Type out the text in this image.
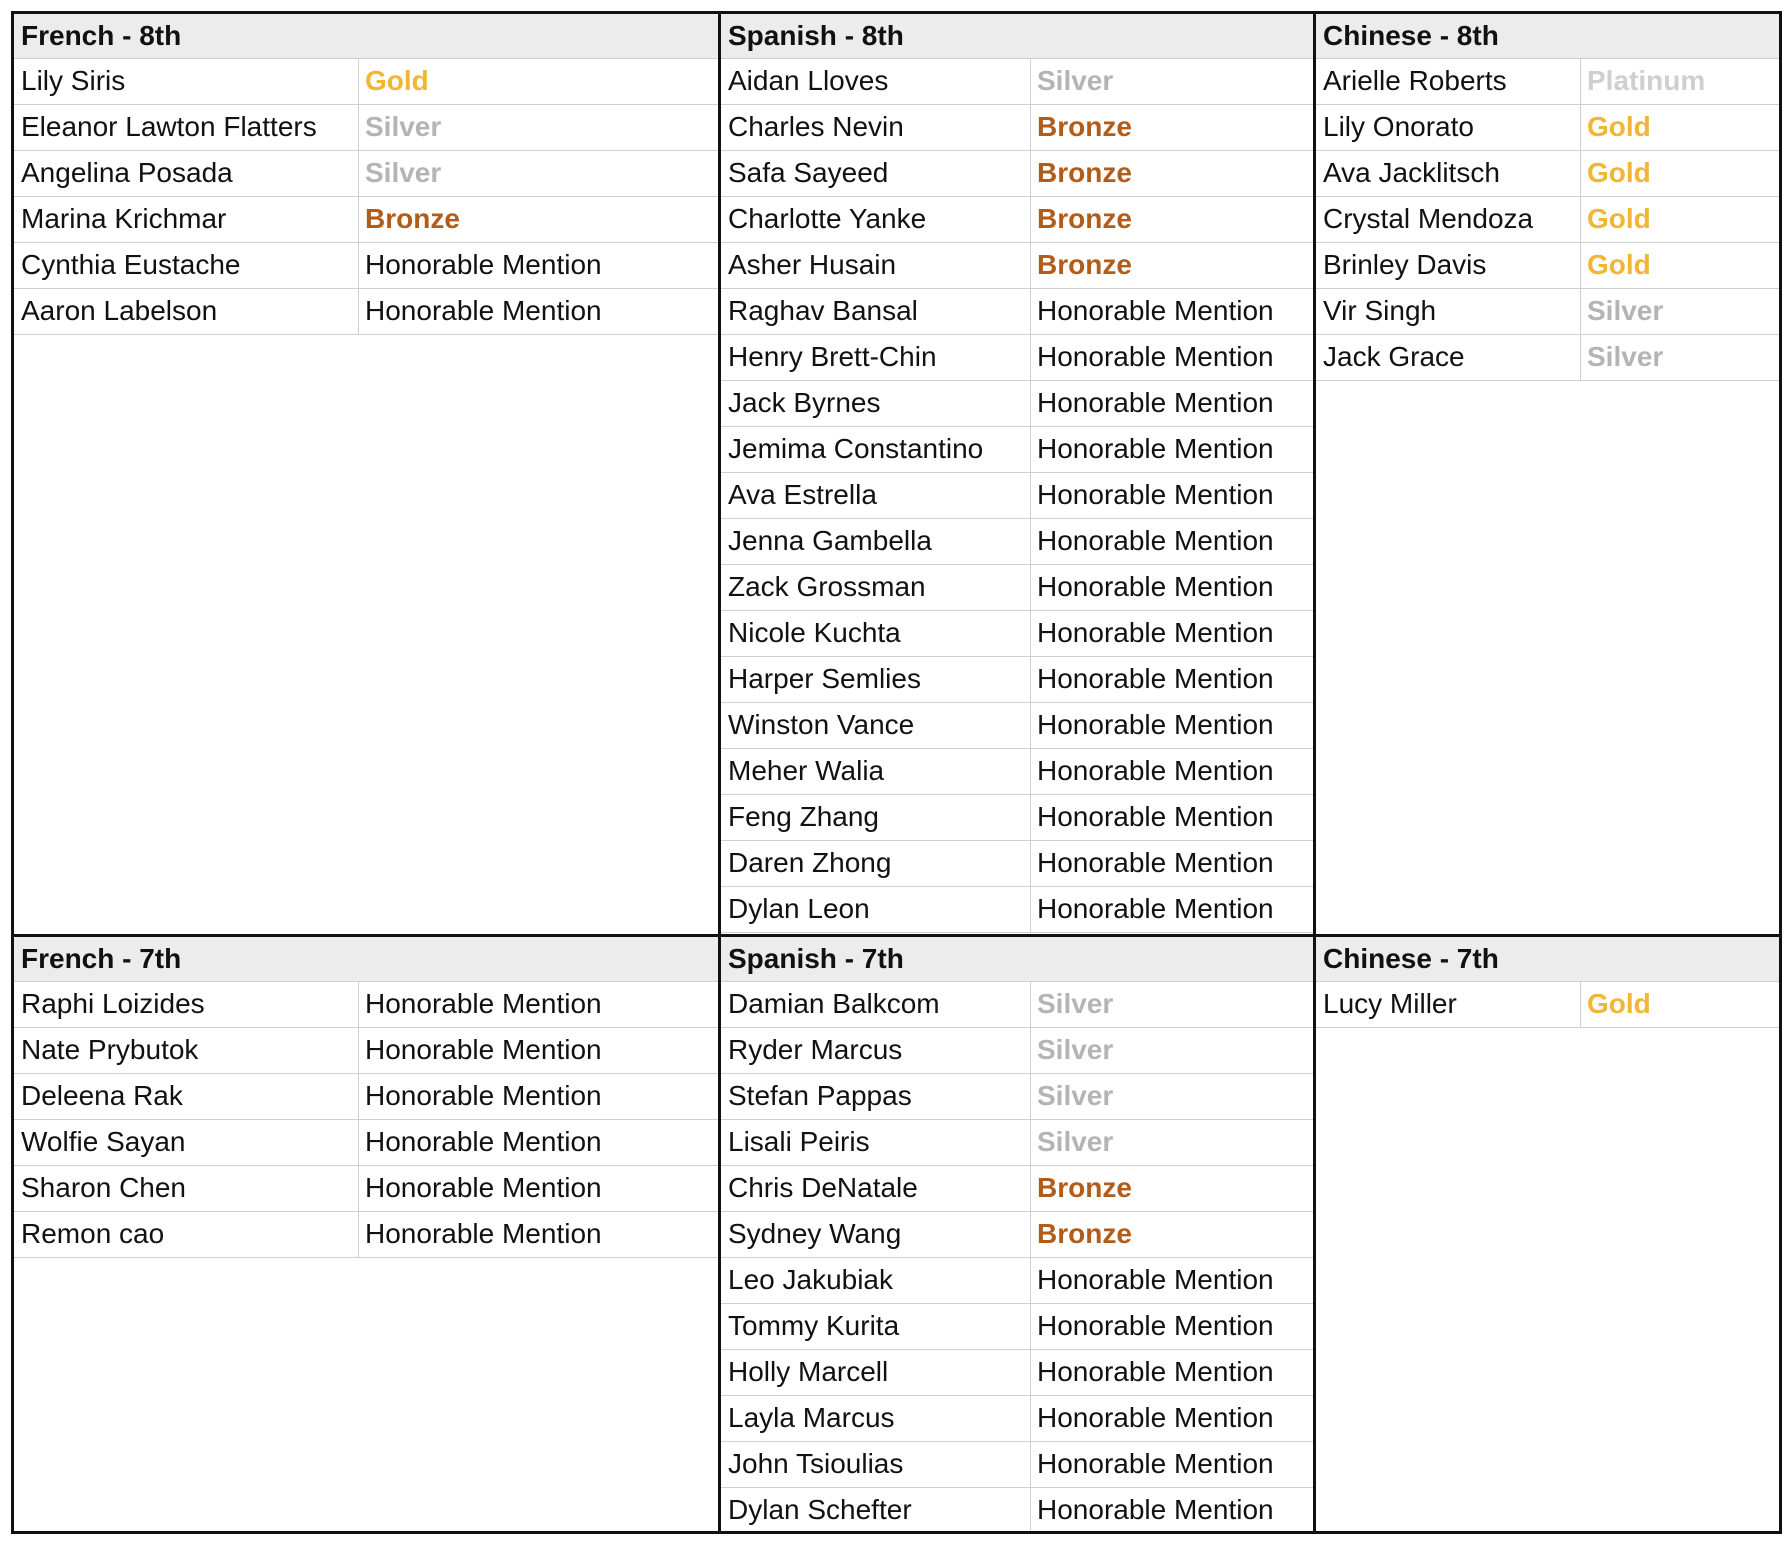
French - 8th
Lily Siris	Gold
Eleanor Lawton Flatters Silver
Angelina Posada	Silver
Marina Krichmar	Bronze
Cynthia Eustache	Honorable Mention
Aaron Labelson	Honorable Mention
Spanish - 8th
Aidan Lloves	Silver
Charles Nevin	Bronze
Safa Sayeed	Bronze
Charlotte Yanke	Bronze
Asher Husain	Bronze
Raghav Bansal	Honorable Mention
Henry Brett-Chin	Honorable Mention
Jack Byrnes	Honorable Mention
Jemima Constantino Honorable Mention
Ava Estrella	Honorable Mention
Jenna Gambella	Honorable Mention
Zack Grossman	Honorable Mention
Nicole Kuchta	Honorable Mention
Harper Semlies	Honorable Mention
Winston Vance	Honorable Mention
Meher Walia	Honorable Mention
Feng Zhang	Honorable Mention
Daren Zhong	Honorable Mention
Dylan Leon	Honorable Mention
Chinese - 8th
Arielle Roberts	Platinum
Lily Onorato	Gold
Ava Jacklitsch	Gold
Crystal Mendoza Gold
Brinley Davis	Gold
Vir Singh	Silver
Jack Grace	Silver
French - 7th
Raphi Loizides	Honorable Mention
Nate Prybutok	Honorable Mention
Deleena Rak	Honorable Mention
Wolfie Sayan	Honorable Mention
Sharon Chen	Honorable Mention
Remon cao	Honorable Mention
Spanish - 7th
Damian Balkcom	Silver
Ryder Marcus	Silver
Stefan Pappas	Silver
Lisali Peiris	Silver
Chris DeNatale	Bronze
Sydney Wang	Bronze
Leo Jakubiak	Honorable Mention
Tommy Kurita	Honorable Mention
Holly Marcell	Honorable Mention
Layla Marcus	Honorable Mention
John Tsioulias	Honorable Mention
Dylan Schefter	Honorable Mention
Chinese - 7th
Lucy Miller	Gold
